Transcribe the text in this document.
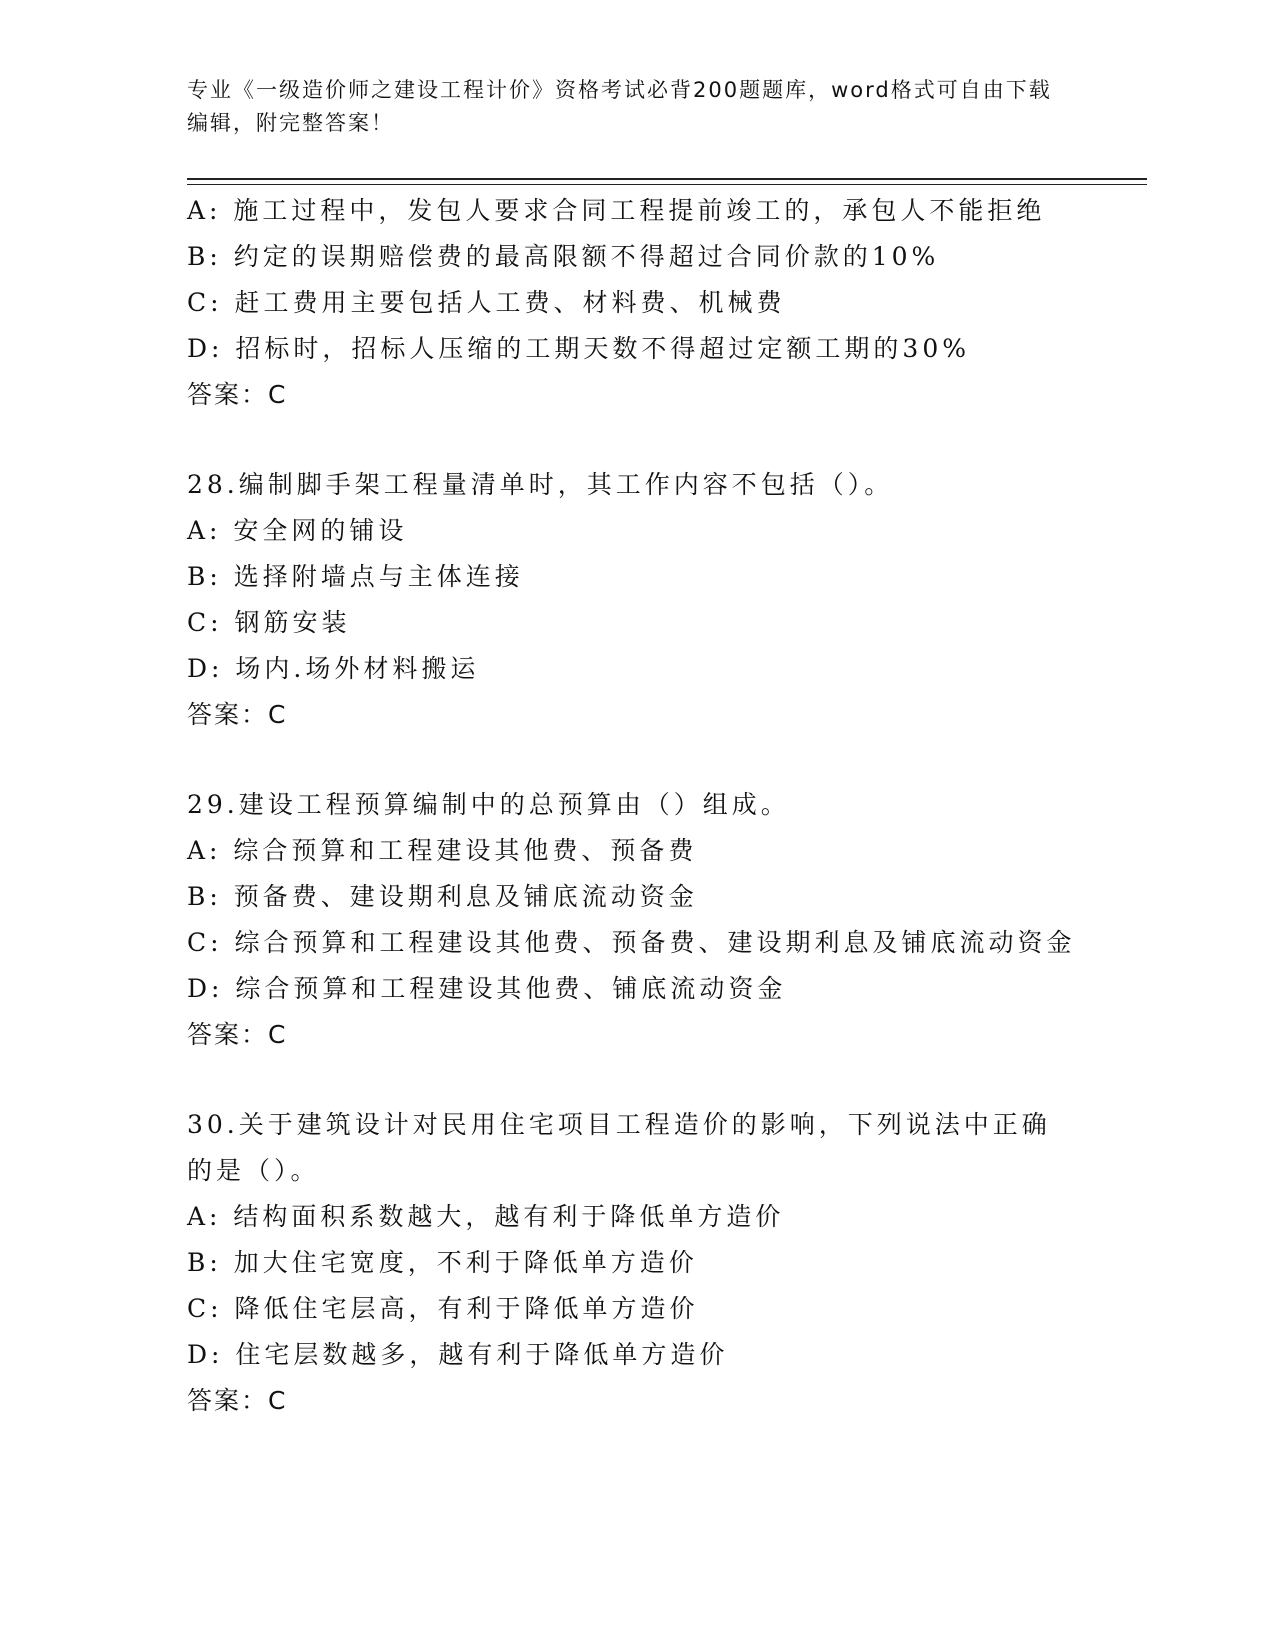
专业《一级造价师之建设工程计价》资格考试必背200题题库，word格式可自由下载编辑，附完整答案！
A: 施工过程中，发包人要求合同工程提前竣工的，承包人不能拒绝
B: 约定的误期赔偿费的最高限额不得超过合同价款的10%
C: 赶工费用主要包括人工费、材料费、机械费
D: 招标时，招标人压缩的工期天数不得超过定额工期的30%
答案：C
28.编制脚手架工程量清单时，其工作内容不包括（）。
A: 安全网的铺设
B: 选择附墙点与主体连接
C: 钢筋安装
D: 场内.场外材料搬运
答案：C
29.建设工程预算编制中的总预算由（）组成。
A: 综合预算和工程建设其他费、预备费
B: 预备费、建设期利息及铺底流动资金
C: 综合预算和工程建设其他费、预备费、建设期利息及铺底流动资金
D: 综合预算和工程建设其他费、铺底流动资金
答案：C
30.关于建筑设计对民用住宅项目工程造价的影响，下列说法中正确的是（）。
A: 结构面积系数越大，越有利于降低单方造价
B: 加大住宅宽度，不利于降低单方造价
C: 降低住宅层高，有利于降低单方造价
D: 住宅层数越多，越有利于降低单方造价
答案：C
